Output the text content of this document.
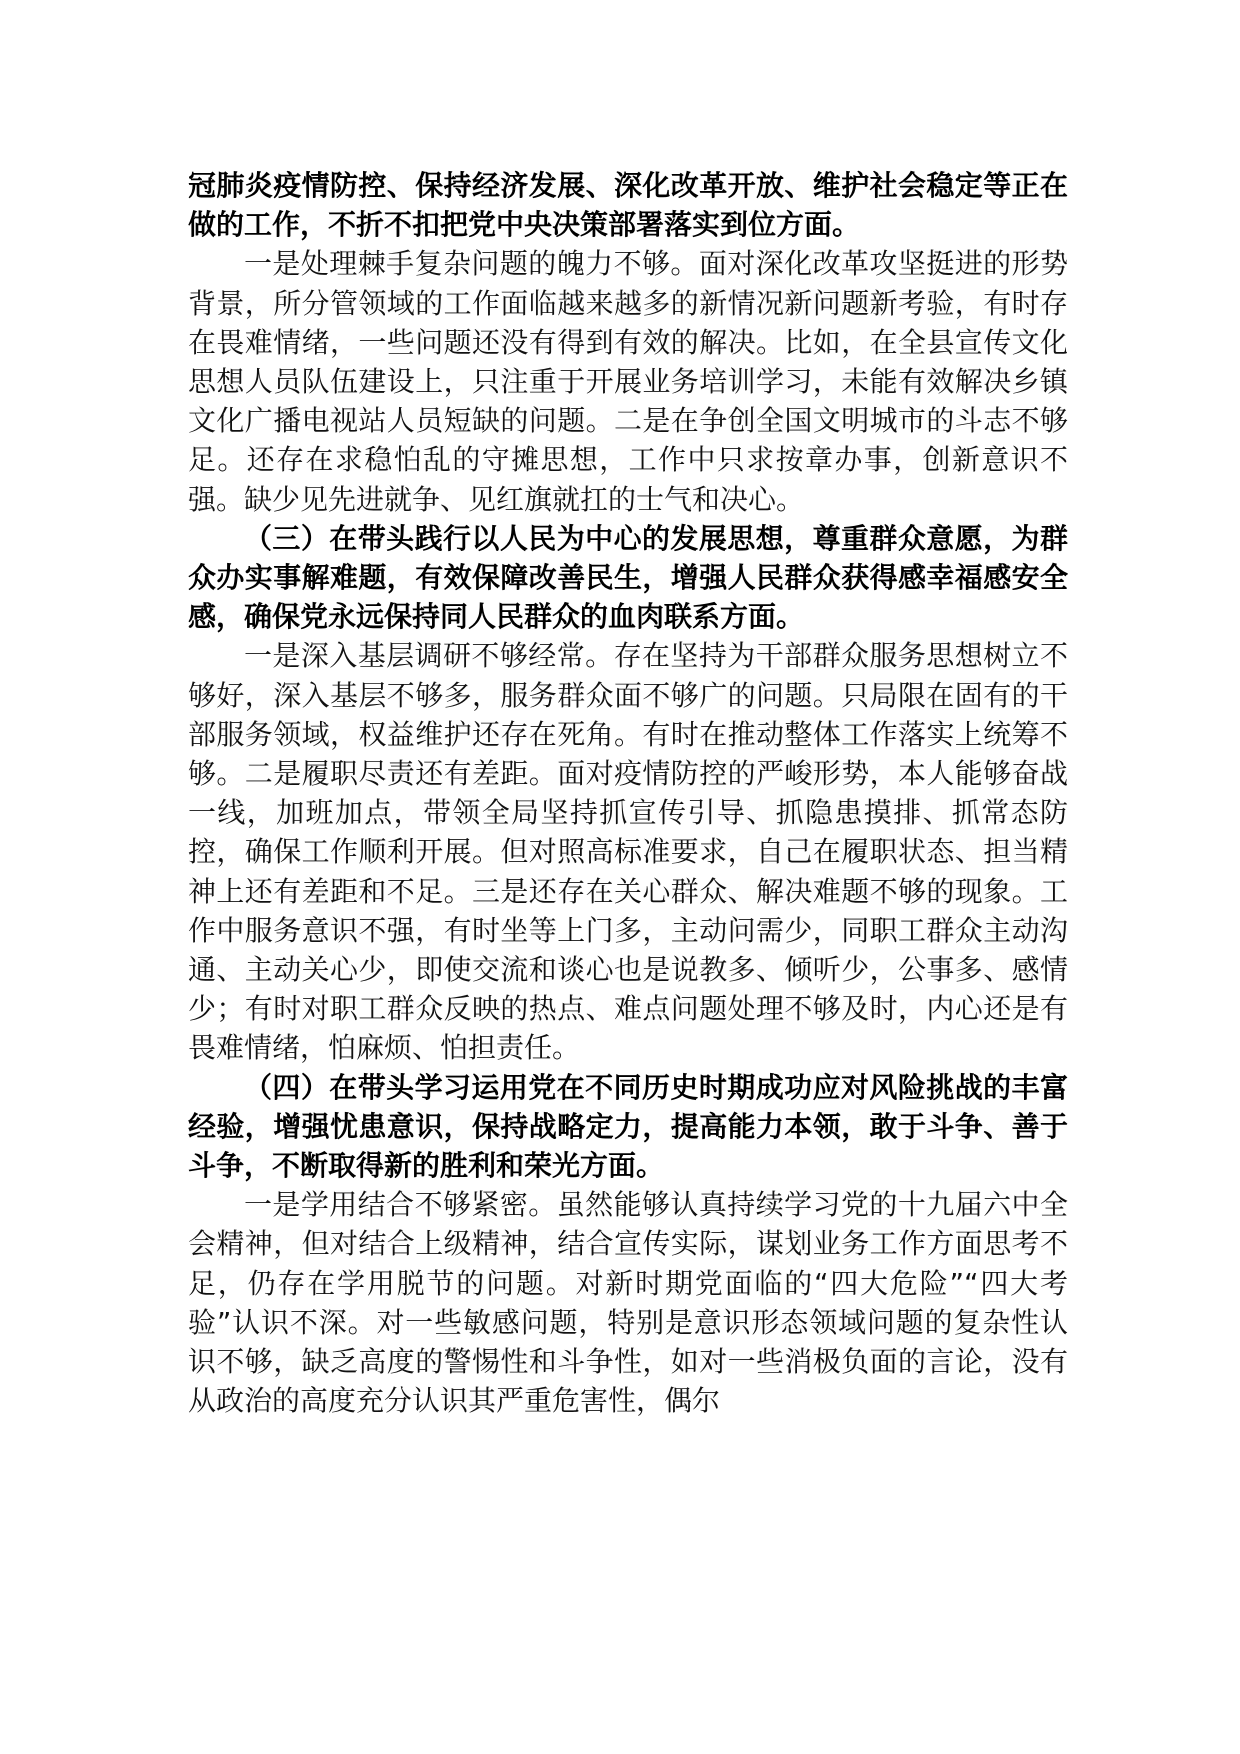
冠肺炎疫情防控、保持经济发展、深化改革开放、维护社会稳定等正在做的工作，不折不扣把党中央决策部署落实到位方面。

一是处理棘手复杂问题的魄力不够。面对深化改革攻坚挺进的形势背景，所分管领域的工作面临越来越多的新情况新问题新考验，有时存在畏难情绪，一些问题还没有得到有效的解决。比如，在全县宣传文化思想人员队伍建设上，只注重于开展业务培训学习，未能有效解决乡镇文化广播电视站人员短缺的问题。二是在争创全国文明城市的斗志不够足。还存在求稳怕乱的守摊思想，工作中只求按章办事，创新意识不强。缺少见先进就争、见红旗就扛的士气和决心。

（三）在带头践行以人民为中心的发展思想，尊重群众意愿，为群众办实事解难题，有效保障改善民生，增强人民群众获得感幸福感安全感，确保党永远保持同人民群众的血肉联系方面。

一是深入基层调研不够经常。存在坚持为干部群众服务思想树立不够好，深入基层不够多，服务群众面不够广的问题。只局限在固有的干部服务领域，权益维护还存在死角。有时在推动整体工作落实上统筹不够。二是履职尽责还有差距。面对疫情防控的严峻形势，本人能够奋战一线，加班加点，带领全局坚持抓宣传引导、抓隐患摸排、抓常态防控，确保工作顺利开展。但对照高标准要求，自己在履职状态、担当精神上还有差距和不足。三是还存在关心群众、解决难题不够的现象。工作中服务意识不强，有时坐等上门多，主动问需少，同职工群众主动沟通、主动关心少，即使交流和谈心也是说教多、倾听少，公事多、感情少；有时对职工群众反映的热点、难点问题处理不够及时，内心还是有畏难情绪，怕麻烦、怕担责任。

（四）在带头学习运用党在不同历史时期成功应对风险挑战的丰富经验，增强忧患意识，保持战略定力，提高能力本领，敢于斗争、善于斗争，不断取得新的胜利和荣光方面。

一是学用结合不够紧密。虽然能够认真持续学习党的十九届六中全会精神，但对结合上级精神，结合宣传实际，谋划业务工作方面思考不足，仍存在学用脱节的问题。对新时期党面临的“四大危险”“四大考验”认识不深。对一些敏感问题，特别是意识形态领域问题的复杂性认识不够，缺乏高度的警惕性和斗争性，如对一些消极负面的言论，没有从政治的高度充分认识其严重危害性，偶尔
